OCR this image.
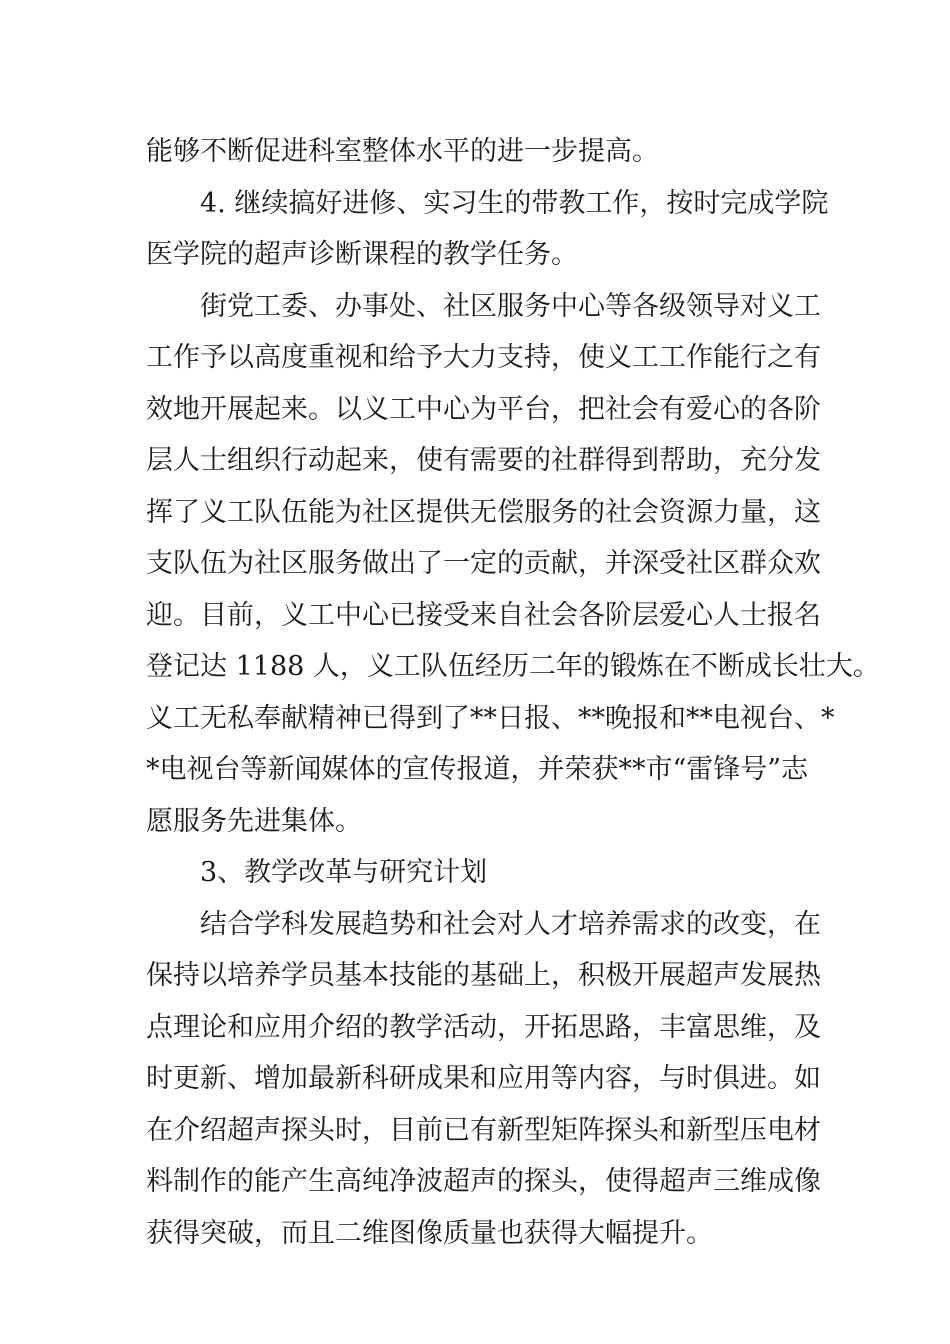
能够不断促进科室整体水平的进一步提高。

4. 继续搞好进修、实习生的带教工作，按时完成学院
医学院的超声诊断课程的教学任务。

街党工委、办事处、社区服务中心等各级领导对义工
工作予以高度重视和给予大力支持，使义工工作能行之有
效地开展起来。以义工中心为平台，把社会有爱心的各阶
层人士组织行动起来，使有需要的社群得到帮助，充分发
挥了义工队伍能为社区提供无偿服务的社会资源力量，这
支队伍为社区服务做出了一定的贡献，并深受社区群众欢
迎。目前，义工中心已接受来自社会各阶层爱心人士报名
登记达 1188 人，义工队伍经历二年的锻炼在不断成长壮大。
义工无私奉献精神已得到了**日报、**晚报和**电视台、*
*电视台等新闻媒体的宣传报道，并荣获**市“雷锋号”志
愿服务先进集体。

3、教学改革与研究计划

结合学科发展趋势和社会对人才培养需求的改变，在
保持以培养学员基本技能的基础上，积极开展超声发展热
点理论和应用介绍的教学活动，开拓思路，丰富思维，及
时更新、增加最新科研成果和应用等内容，与时俱进。如
在介绍超声探头时，目前已有新型矩阵探头和新型压电材
料制作的能产生高纯净波超声的探头，使得超声三维成像
获得突破，而且二维图像质量也获得大幅提升。
